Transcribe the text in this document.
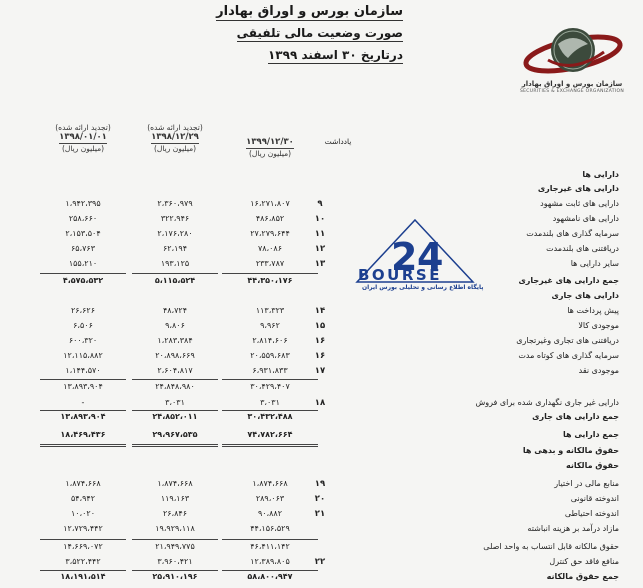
سازمان بورس و اوراق بهادار
صورت وضعیت مالی تلفیقی
درتاریخ ۳۰ اسفند ۱۳۹۹
سازمان بورس و اوراق بهادار
SECURITIES & EXCHANGE ORGANIZATION
یادداشت
۱۳۹۹/۱۲/۳۰
(میلیون ریال)
(تجدید ارائه شده)
۱۳۹۸/۱۲/۲۹
(میلیون ریال)
(تجدید ارائه شده)
۱۳۹۸/۰۱/۰۱
(میلیون ریال)
دارایی ها
دارایی های غیرجاری
۱،۹۴۲،۳۹۵	۲،۳۶۰،۹۷۹	۱۶،۲۷۱،۸۰۷	۹	دارایی های ثابت مشهود
۲۵۸،۶۶۰	۳۲۲،۹۴۶	۴۸۶،۸۵۲	۱۰	دارایی های نامشهود
۲،۱۵۳،۵۰۴	۲،۱۷۶،۲۸۰	۲۷،۲۷۹،۶۴۴	۱۱	سرمایه گذاری های بلندمدت
۶۵،۷۶۳	۶۲،۱۹۴	۷۸،۰۸۶	۱۲	دریافتنی های بلندمدت
۱۵۵،۲۱۰	۱۹۳،۱۲۵	۲۳۳،۷۸۷	۱۳	سایر دارایی ها
۴،۵۷۵،۵۳۲	۵،۱۱۵،۵۲۴	۴۴،۳۵۰،۱۷۶	جمع دارایی های غیرجاری
دارایی های جاری
۲۶،۶۲۶	۴۸،۷۲۴	۱۱۳،۳۲۳	۱۴	پیش پرداخت ها
۶،۵۰۶	۹،۸۰۶	۹،۹۶۲	۱۵	موجودی کالا
۶۰۰،۳۲۰	۱،۲۸۳،۳۸۴	۲،۸۱۴،۶۰۶	۱۶	دریافتنی های تجاری وغیرتجاری
۱۲،۱۱۵،۸۸۲	۲۰،۸۹۸،۶۶۹	۲۰،۵۵۹،۶۸۳	۱۶	سرمایه گذاری های کوتاه مدت
۱،۱۴۴،۵۷۰	۲،۶۰۴،۸۱۷	۶،۹۳۱،۸۳۳	۱۷	موجودی نقد
۱۳،۸۹۳،۹۰۴	۲۴،۸۴۸،۹۸۰	۳۰،۴۲۹،۴۰۷
-	۳،۰۳۱	۳،۰۳۱	۱۸	دارایی غیر جاری نگهداری شده برای فروش
۱۳،۸۹۳،۹۰۴	۲۴،۸۵۲،۰۱۱	۳۰،۴۳۲،۴۸۸	جمع دارایی های جاری
۱۸،۴۶۹،۴۳۶	۲۹،۹۶۷،۵۳۵	۷۴،۷۸۲،۶۶۴	جمع دارایی ها
حقوق مالکانه و بدهی ها
حقوق مالکانه
۱،۸۷۴،۶۶۸	۱،۸۷۴،۶۶۸	۱،۸۷۴،۶۶۸	۱۹	منابع مالی در اختیار
۵۴،۹۴۲	۱۱۹،۱۶۳	۲۸۹،۰۶۳	۲۰	اندوخته قانونی
۱۰،۰۲۰	۲۶،۸۴۶	۹۰،۸۸۲	۲۱	اندوخته احتیاطی
۱۲،۷۲۹،۴۴۲	۱۹،۹۲۹،۱۱۸	۴۴،۱۵۶،۵۲۹	مازاد درآمد بر هزینه انباشته
۱۴،۶۶۹،۰۷۲	۲۱،۹۴۹،۷۷۵	۴۶،۴۱۱،۱۴۲	حقوق مالکانه قابل انتساب به واحد اصلی
۳،۵۲۲،۴۴۲	۳،۹۶۰،۴۲۱	۱۲،۳۸۹،۸۰۵	۲۲	منافع فاقد حق کنترل
۱۸،۱۹۱،۵۱۴	۲۵،۹۱۰،۱۹۶	۵۸،۸۰۰،۹۴۷	جمع حقوق مالکانه
2 4
BOURSE
پایگاه اطلاع رسانی و تحلیلی بورس ایران
